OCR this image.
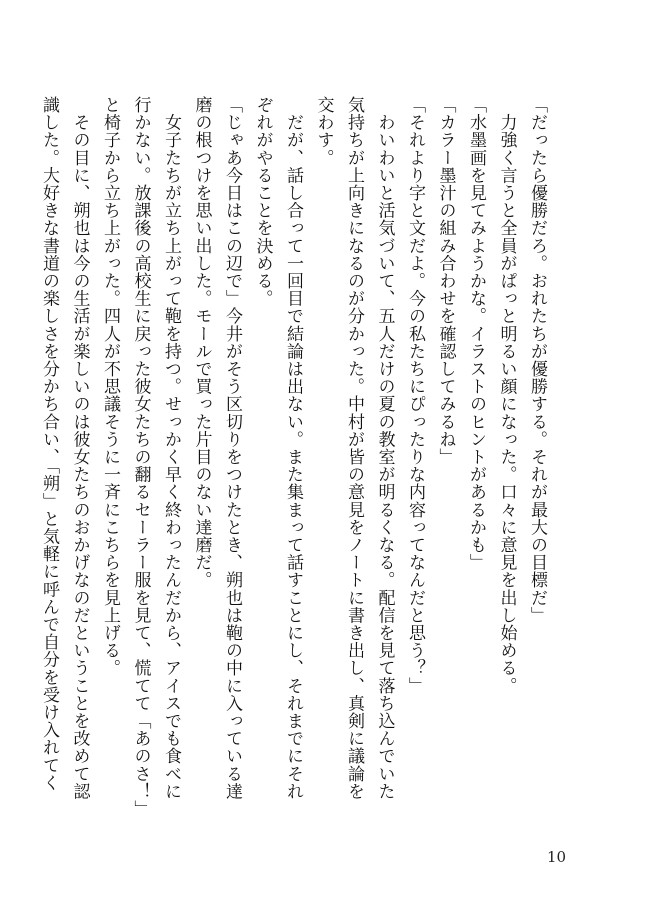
「だったら優勝だろ。おれたちが優勝する。それが最大の目標だ」
　力強く言うと全員がぱっと明るい顔になった。口々に意見を出し始める。
「水墨画を見てみようかな。イラストのヒントがあるかも」
「カラー墨汁の組み合わせを確認してみるね」
「それより字と文だよ。今の私たちにぴったりな内容ってなんだと思う？」
　わいわいと活気づいて、五人だけの夏の教室が明るくなる。配信を見て落ち込んでいた
気持ちが上向きになるのが分かった。中村が皆の意見をノートに書き出し、真剣に議論を
交わす。
　だが、話し合って一回目で結論は出ない。また集まって話すことにし、それまでにそれ
ぞれがやることを決める。
「じゃあ今日はこの辺で」今井がそう区切りをつけたとき、朔也は鞄の中に入っている達
磨の根つけを思い出した。モールで買った片目のない達磨だ。
　女子たちが立ち上がって鞄を持つ。せっかく早く終わったんだから、アイスでも食べに
行かない。放課後の高校生に戻った彼女たちの翻るセーラー服を見て、慌てて「あのさ！」
と椅子から立ち上がった。四人が不思議そうに一斉にこちらを見上げる。
　その目に、朔也は今の生活が楽しいのは彼女たちのおかげなのだということを改めて認
識した。大好きな書道の楽しさを分かち合い、「朔」と気軽に呼んで自分を受け入れてく
10
